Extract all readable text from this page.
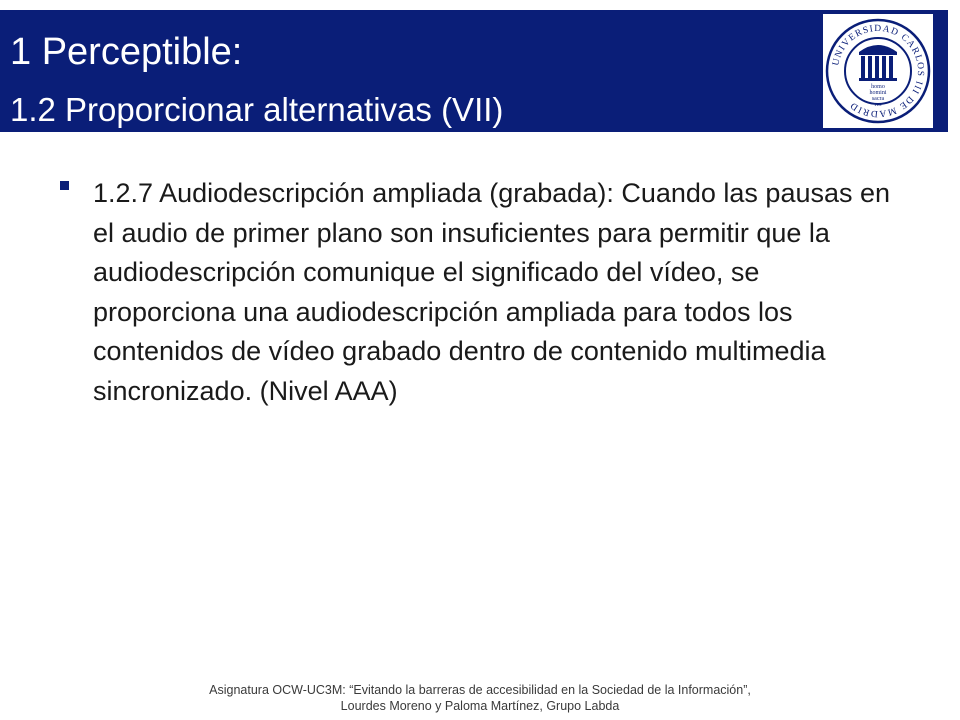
1 Perceptible:
1.2 Proporcionar alternativas (VII)
UNIVERSIDAD CARLOS III DE MADRID
homo
homini
sacra
res

1.2.7 Audiodescripción ampliada (grabada): Cuando las pausas en el audio de primer plano son insuficientes para permitir que la audiodescripción comunique el significado del vídeo, se proporciona una audiodescripción ampliada para todos los contenidos de vídeo grabado dentro de contenido multimedia sincronizado. (Nivel AAA)

Asignatura OCW-UC3M: “Evitando la barreras de accesibilidad en la Sociedad de la Información”,
Lourdes Moreno y Paloma Martínez, Grupo Labda
